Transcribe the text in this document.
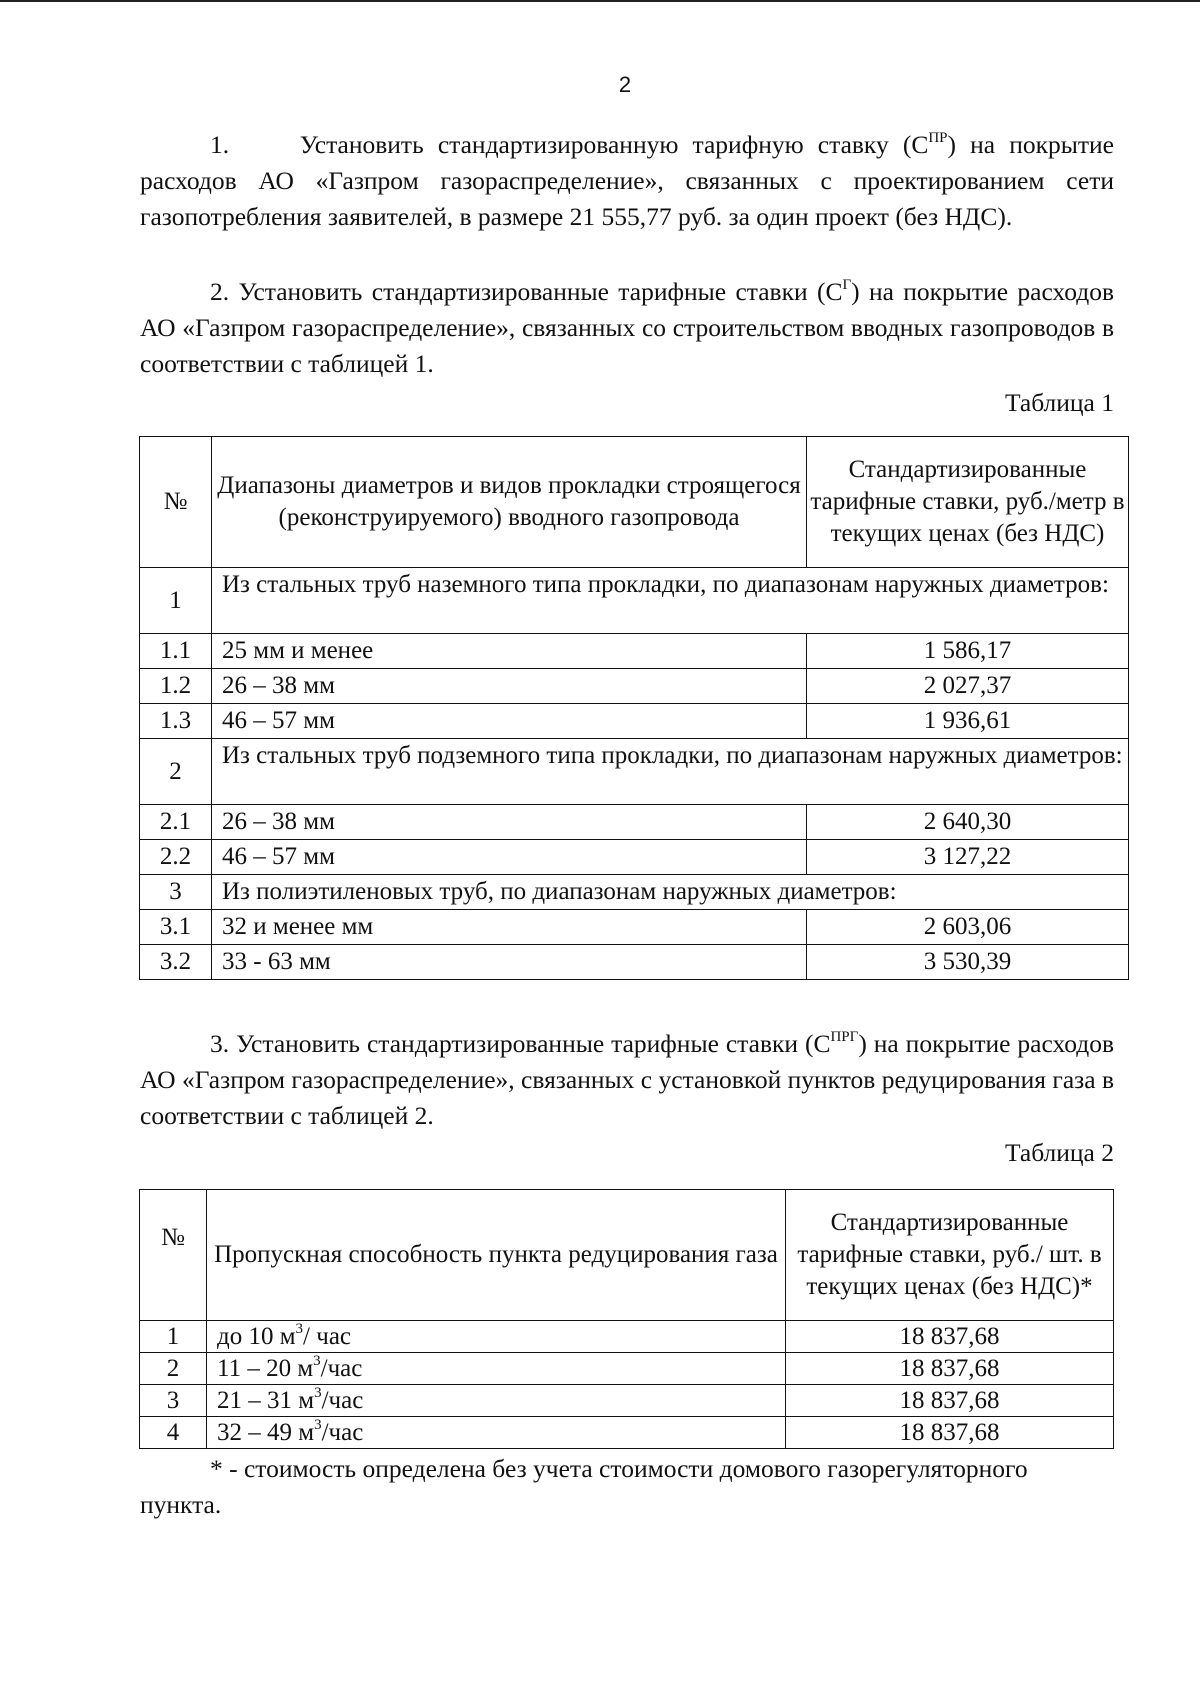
2
1.	Установить стандартизированную тарифную ставку $(С^{ПР})$ на покрытие расходов АО «Газпром газораспределение», связанных с проектированием сети газопотребления заявителей, в размере 21 555,77 руб. за один проект (без НДС).
2. Установить стандартизированные тарифные ставки $(С^Г)$ на покрытие расходов АО «Газпром газораспределение», связанных со строительством вводных газопроводов в соответствии с таблицей 1.
Таблица 1
№	Диапазоны диаметров и видов прокладки строящегося (реконструируемого) вводного газопровода	Стандартизированные тарифные ставки, руб./метр в текущих ценах (без НДС)
1	Из стальных труб наземного типа прокладки, по диапазонам наружных диаметров:	
1.1	25 мм и менее	1 586,17
1.2	26 – 38 мм	2 027,37
1.3	46 – 57 мм	1 936,61
2	Из стальных труб подземного типа прокладки, по диапазонам наружных диаметров:	
2.1	26 – 38 мм	2 640,30
2.2	46 – 57 мм	3 127,22
3	Из полиэтиленовых труб, по диапазонам наружных диаметров:	
3.1	32 и менее мм	2 603,06
3.2	33 - 63 мм	3 530,39
3. Установить стандартизированные тарифные ставки $(С^{ПРГ})$ на покрытие расходов АО «Газпром газораспределение», связанных с установкой пунктов редуцирования газа в соответствии с таблицей 2.
Таблица 2
№	Пропускная способность пункта редуцирования газа	Стандартизированные тарифные ставки, руб./ шт. в текущих ценах (без НДС)*
1	до 10 $м^3/$ час	18 837,68
2	11 – 20 $м^3$/час	18 837,68
3	21 – 31 $м^3$/час	18 837,68
4	32 – 49 $м^3$/час	18 837,68
* - стоимость определена без учета стоимости домового газорегуляторного
пункта.
